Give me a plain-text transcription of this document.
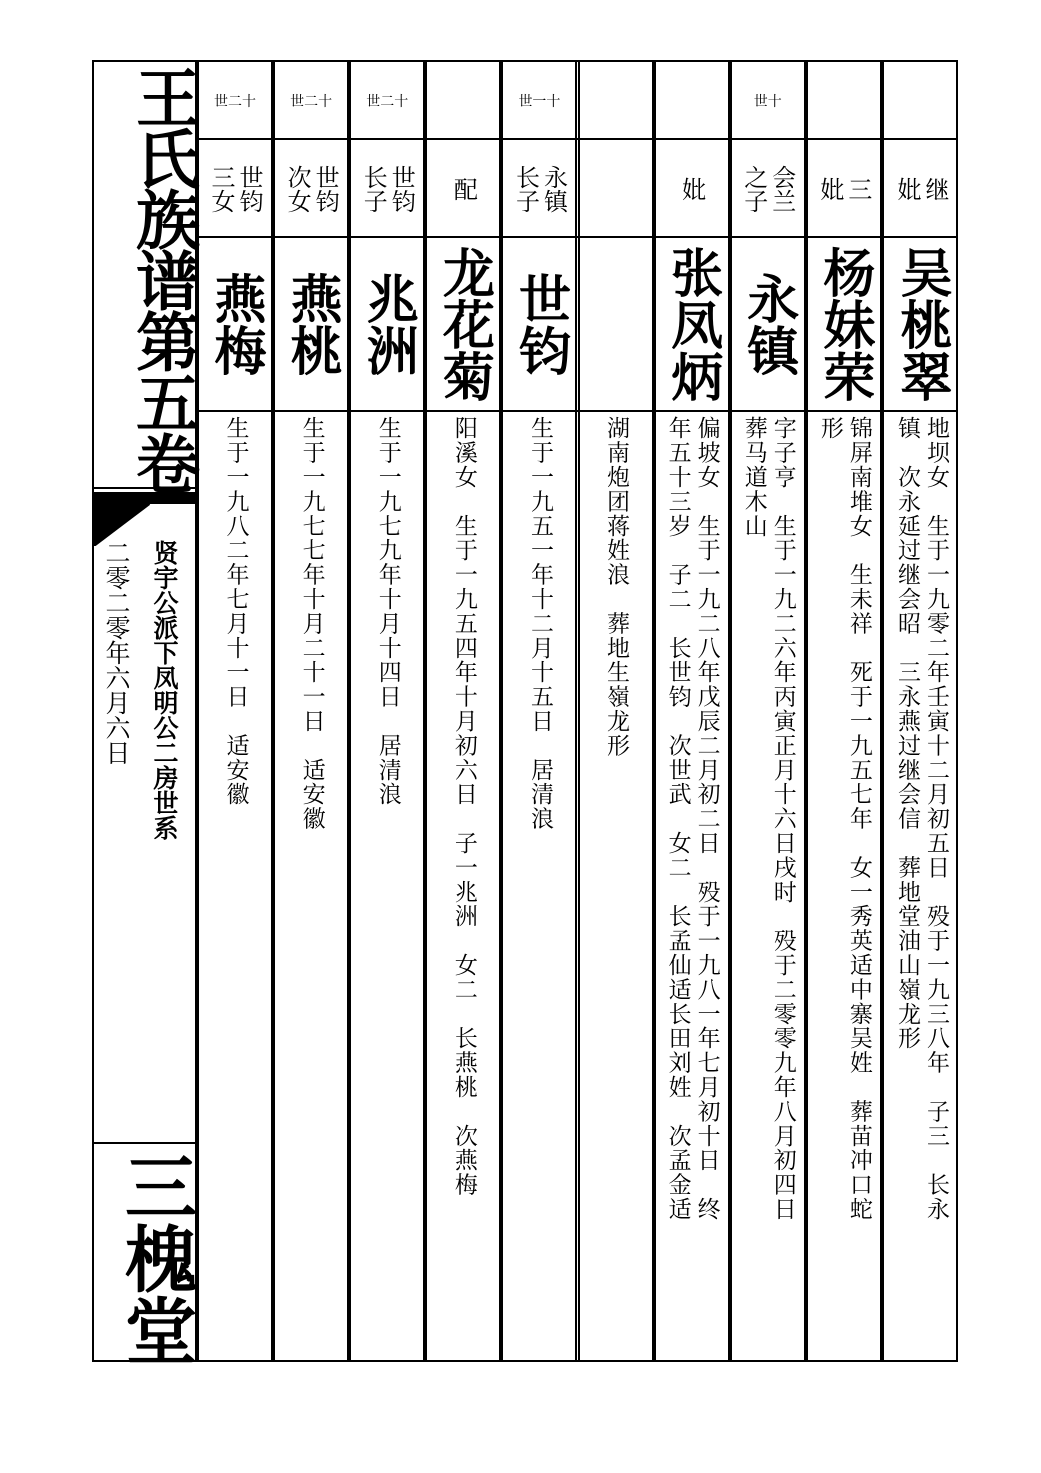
王氏族谱第五卷
贤宇公派下凤明公二房世系
二零二零年六月六日
三槐堂
继
妣
吴桃翠
地坝女　生于一九零二年壬寅十二月初五日　殁于一九三八年　子三　长永
镇　次永延过继会昭　三永燕过继会信　葬地堂油山嶺龙形
三
妣
杨妹荣
锦屏南堆女　生未祥　死于一九五七年　女一秀英适中寨吴姓　葬苗冲口蛇
形
世十
会兰
之子
永镇
字子亨　生于一九二六年丙寅正月十六日戌时　殁于二零零九年八月初四日
葬马道木山
妣
张凤炳
偏坡女　生于一九二八年戊辰二月初二日　殁于一九八一年七月初十日　终
年五十三岁　子二　长世钧　次世武　女二　长孟仙适长田刘姓　次孟金适
湖南炮团蒋姓浪　葬地生嶺龙形
世一十
永镇
长子
世钧
生于一九五一年十二月十五日　居清浪
配
龙花菊
阳溪女　生于一九五四年十月初六日　子一兆洲　女二　长燕桃　次燕梅
世二十
世钧
长子
兆洲
生于一九七九年十月十四日　居清浪
世二十
世钧
次女
燕桃
生于一九七七年十月二十一日　适安徽
世二十
世钧
三女
燕梅
生于一九八二年七月十一日　适安徽
